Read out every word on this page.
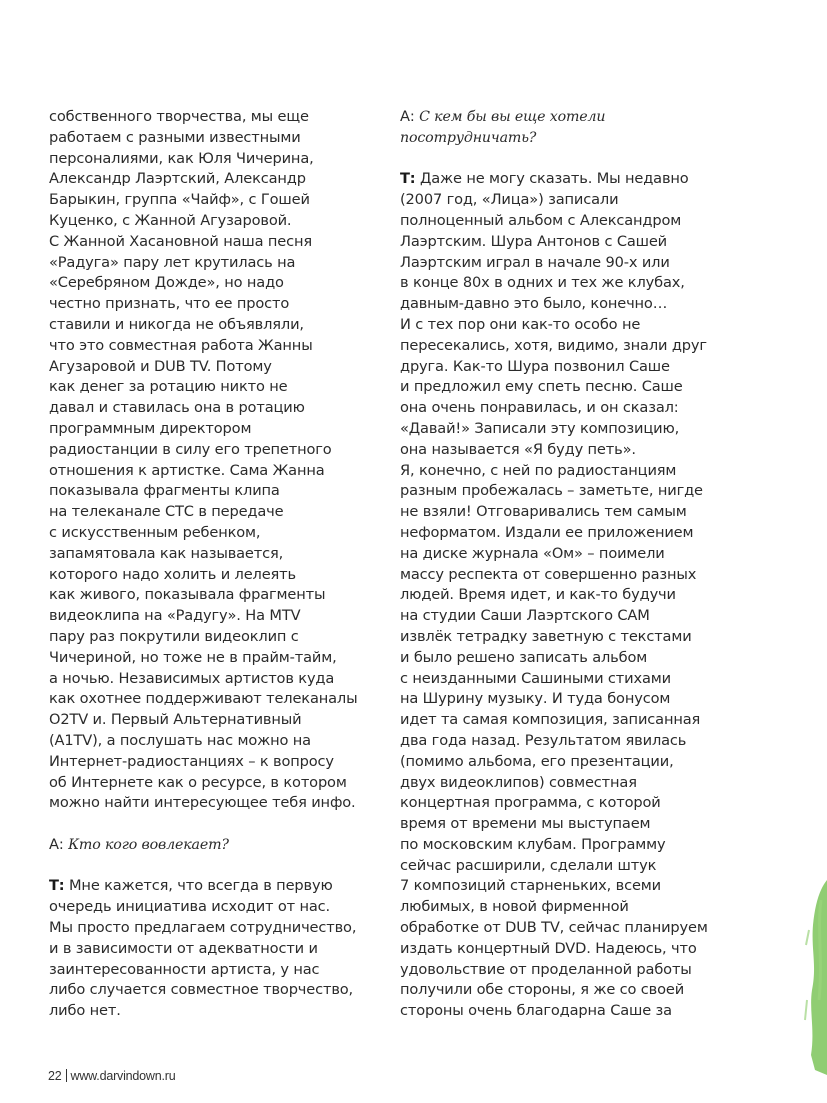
собственного творчества, мы еще
работаем с разными известными
персоналиями, как Юля Чичерина,
Александр Лаэртский, Александр
Барыкин, группа «Чайф», с Гошей
Куценко, с Жанной Агузаровой.
С Жанной Хасановной наша песня
«Радуга» пару лет крутилась на
«Серебряном Дожде», но надо
честно признать, что ее просто
ставили и никогда не объявляли,
что это совместная работа Жанны
Агузаровой и DUB TV. Потому
как денег за ротацию никто не
давал и ставилась она в ротацию
программным директором
радиостанции в силу его трепетного
отношения к артистке. Сама Жанна
показывала фрагменты клипа
на телеканале СТС в передаче
с искусственным ребенком,
запамятовала как называется,
которого надо холить и лелеять
как живого, показывала фрагменты
видеоклипа на «Радугу». На MTV
пару раз покрутили видеоклип с
Чичериной, но тоже не в прайм-тайм,
а ночью. Независимых артистов куда
как охотнее поддерживают телеканалы
O2TV и. Первый Альтернативный
(A1TV), а послушать нас можно на
Интернет-радиостанциях – к вопросу
об Интернете как о ресурсе, в котором
можно найти интересующее тебя инфо.
А: Кто кого вовлекает?
Т: Мне кажется, что всегда в первую
очередь инициатива исходит от нас.
Мы просто предлагаем сотрудничество,
и в зависимости от адекватности и
заинтересованности артиста, у нас
либо случается совместное творчество,
либо нет.
А: С кем бы вы еще хотели
посотрудничать?
Т: Даже не могу сказать. Мы недавно
(2007 год, «Лица») записали
полноценный альбом с Александром
Лаэртским. Шура Антонов с Сашей
Лаэртским играл в начале 90-х или
в конце 80х в одних и тех же клубах,
давным-давно это было, конечно…
И с тех пор они как-то особо не
пересекались, хотя, видимо, знали друг
друга. Как-то Шура позвонил Саше
и предложил ему спеть песню. Саше
она очень понравилась, и он сказал:
«Давай!» Записали эту композицию,
она называется «Я буду петь».
Я, конечно, с ней по радиостанциям
разным пробежалась – заметьте, нигде
не взяли! Отговаривались тем самым
неформатом. Издали ее приложением
на диске журнала «Ом» – поимели
массу респекта от совершенно разных
людей. Время идет, и как-то будучи
на студии Саши Лаэртского САМ
извлёк тетрадку заветную с текстами
и было решено записать альбом
с неизданными Сашиными стихами
на Шурину музыку. И туда бонусом
идет та самая композиция, записанная
два года назад. Результатом явилась
(помимо альбома, его презентации,
двух видеоклипов) совместная
концертная программа, с которой
время от времени мы выступаем
по московским клубам. Программу
сейчас расширили, сделали штук
7 композиций старненьких, всеми
любимых, в новой фирменной
обработке от DUB TV, сейчас планируем
издать концертный DVD. Надеюсь, что
удовольствие от проделанной работы
получили обе стороны, я же со своей
стороны очень благодарна Саше за
22 www.darvindown.ru
